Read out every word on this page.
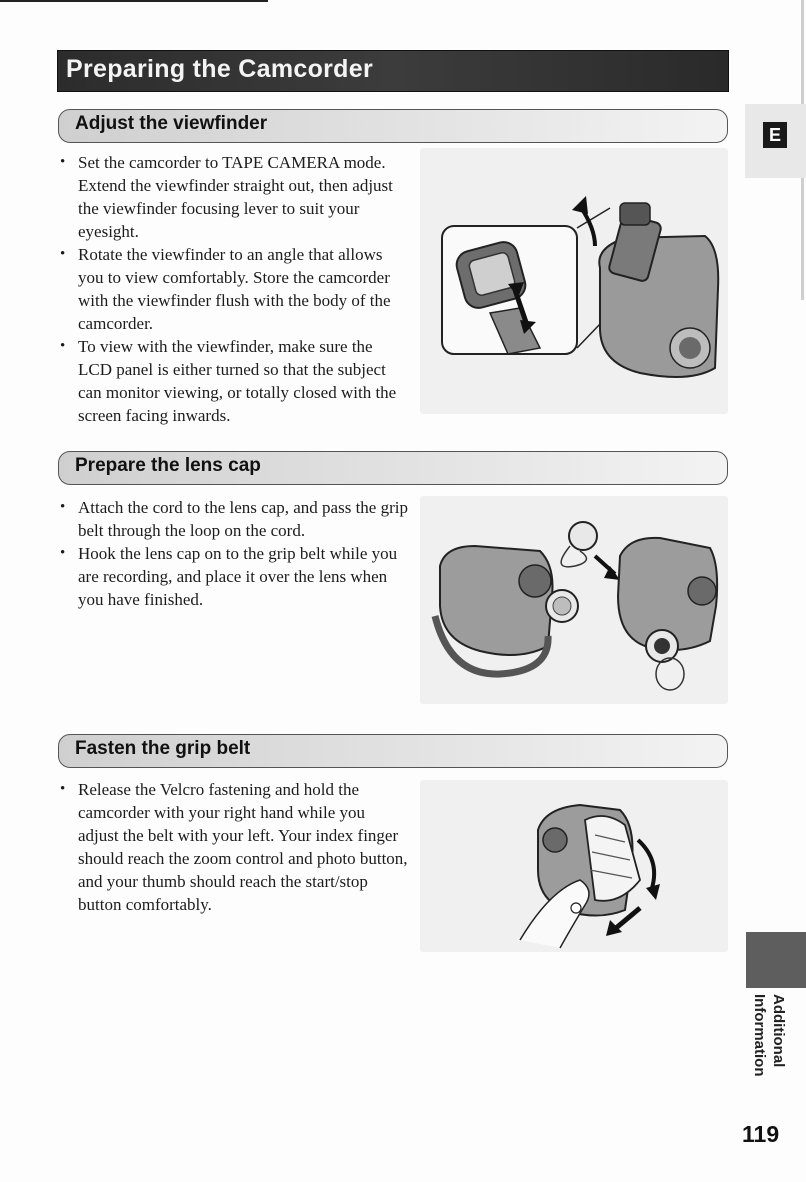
Preparing the Camcorder
E
Adjust the viewfinder
• Set the camcorder to TAPE CAMERA mode. Extend the viewfinder straight out, then adjust the viewfinder focusing lever to suit your eyesight.
• Rotate the viewfinder to an angle that allows you to view comfortably. Store the camcorder with the viewfinder flush with the body of the camcorder.
• To view with the viewfinder, make sure the LCD panel is either turned so that the subject can monitor viewing, or totally closed with the screen facing inwards.
Prepare the lens cap
• Attach the cord to the lens cap, and pass the grip belt through the loop on the cord.
• Hook the lens cap on to the grip belt while you are recording, and place it over the lens when you have finished.
Fasten the grip belt
• Release the Velcro fastening and hold the camcorder with your right hand while you adjust the belt with your left. Your index finger should reach the zoom control and photo button, and your thumb should reach the start/stop button comfortably.
Additional
Information
119
